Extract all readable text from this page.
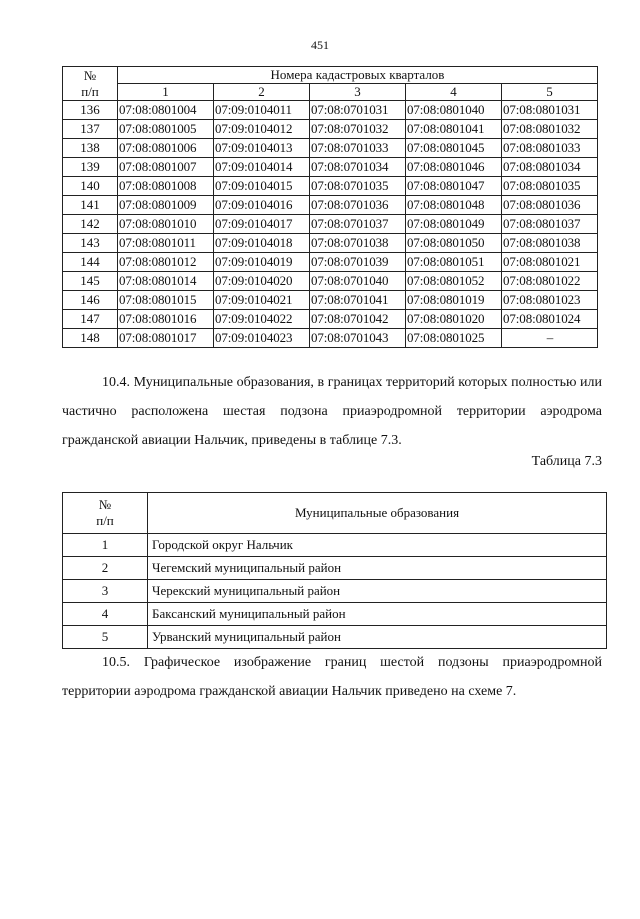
451
№
п/п	Номера кадастровых кварталов				
	1	2	3	4	5
136	07:08:0801004	07:09:0104011	07:08:0701031	07:08:0801040	07:08:0801031
137	07:08:0801005	07:09:0104012	07:08:0701032	07:08:0801041	07:08:0801032
138	07:08:0801006	07:09:0104013	07:08:0701033	07:08:0801045	07:08:0801033
139	07:08:0801007	07:09:0104014	07:08:0701034	07:08:0801046	07:08:0801034
140	07:08:0801008	07:09:0104015	07:08:0701035	07:08:0801047	07:08:0801035
141	07:08:0801009	07:09:0104016	07:08:0701036	07:08:0801048	07:08:0801036
142	07:08:0801010	07:09:0104017	07:08:0701037	07:08:0801049	07:08:0801037
143	07:08:0801011	07:09:0104018	07:08:0701038	07:08:0801050	07:08:0801038
144	07:08:0801012	07:09:0104019	07:08:0701039	07:08:0801051	07:08:0801021
145	07:08:0801014	07:09:0104020	07:08:0701040	07:08:0801052	07:08:0801022
146	07:08:0801015	07:09:0104021	07:08:0701041	07:08:0801019	07:08:0801023
147	07:08:0801016	07:09:0104022	07:08:0701042	07:08:0801020	07:08:0801024
148	07:08:0801017	07:09:0104023	07:08:0701043	07:08:0801025	–
10.4. Муниципальные образования, в границах территорий которых полностью или частично расположена шестая подзона приаэродромной территории аэродрома гражданской авиации Нальчик, приведены в таблице 7.3.
Таблица 7.3
№
п/п	Муниципальные образования
1	Городской округ Нальчик
2	Чегемский муниципальный район
3	Черекский муниципальный район
4	Баксанский муниципальный район
5	Урванский муниципальный район
10.5. Графическое изображение границ шестой подзоны приаэродромной территории аэродрома гражданской авиации Нальчик приведено на схеме 7.
